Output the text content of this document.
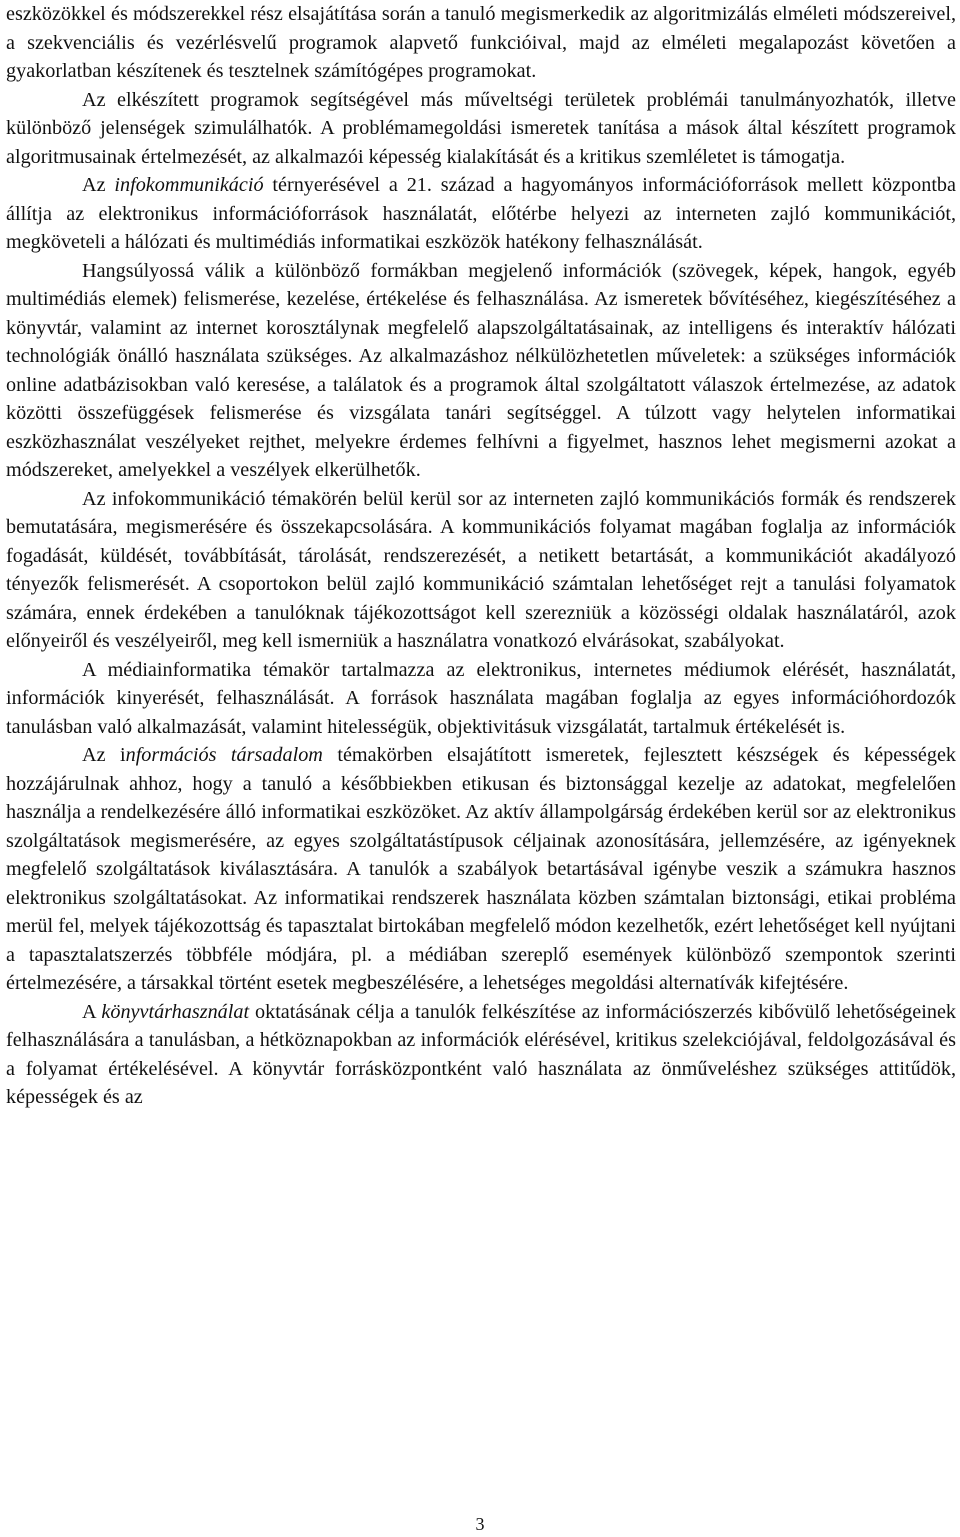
eszközökkel és módszerekkel rész elsajátítása során a tanuló megismerkedik az algoritmizálás elméleti módszereivel, a szekvenciális és vezérlésvelű programok alapvető funkcióival, majd az elméleti megalapozást követően a gyakorlatban készítenek és tesztelnek számítógépes programokat.

Az elkészített programok segítségével más műveltségi területek problémái tanulmányozhatók, illetve különböző jelenségek szimulálhatók. A problémamegoldási ismeretek tanítása a mások által készített programok algoritmusainak értelmezését, az alkalmazói képesség kialakítását és a kritikus szemléletet is támogatja.

Az infokommunikáció térnyerésével a 21. század a hagyományos információforrások mellett központba állítja az elektronikus információforrások használatát, előtérbe helyezi az interneten zajló kommunikációt, megköveteli a hálózati és multimédiás informatikai eszközök hatékony felhasználását.

Hangsúlyossá válik a különböző formákban megjelenő információk (szövegek, képek, hangok, egyéb multimédiás elemek) felismerése, kezelése, értékelése és felhasználása. Az ismeretek bővítéséhez, kiegészítéséhez a könyvtár, valamint az internet korosztálynak megfelelő alapszolgáltatásainak, az intelligens és interaktív hálózati technológiák önálló használata szükséges. Az alkalmazáshoz nélkülözhetetlen műveletek: a szükséges információk online adatbázisokban való keresése, a találatok és a programok által szolgáltatott válaszok értelmezése, az adatok közötti összefüggések felismerése és vizsgálata tanári segítséggel. A túlzott vagy helytelen informatikai eszközhasználat veszélyeket rejthet, melyekre érdemes felhívni a figyelmet, hasznos lehet megismerni azokat a módszereket, amelyekkel a veszélyek elkerülhetők.

Az infokommunikáció témakörén belül kerül sor az interneten zajló kommunikációs formák és rendszerek bemutatására, megismerésére és összekapcsolására. A kommunikációs folyamat magában foglalja az információk fogadását, küldését, továbbítását, tárolását, rendszerezését, a netikett betartását, a kommunikációt akadályozó tényezők felismerését. A csoportokon belül zajló kommunikáció számtalan lehetőséget rejt a tanulási folyamatok számára, ennek érdekében a tanulóknak tájékozottságot kell szerezniük a közösségi oldalak használatáról, azok előnyeiről és veszélyeiről, meg kell ismerniük a használatra vonatkozó elvárásokat, szabályokat.

A médiainformatika témakör tartalmazza az elektronikus, internetes médiumok elérését, használatát, információk kinyerését, felhasználását. A források használata magában foglalja az egyes információhordozók tanulásban való alkalmazását, valamint hitelességük, objektivitásuk vizsgálatát, tartalmuk értékelését is.

Az információs társadalom témakörben elsajátított ismeretek, fejlesztett készségek és képességek hozzájárulnak ahhoz, hogy a tanuló a későbbiekben etikusan és biztonsággal kezelje az adatokat, megfelelően használja a rendelkezésére álló informatikai eszközöket. Az aktív állampolgárság érdekében kerül sor az elektronikus szolgáltatások megismerésére, az egyes szolgáltatástípusok céljainak azonosítására, jellemzésére, az igényeknek megfelelő szolgáltatások kiválasztására. A tanulók a szabályok betartásával igénybe veszik a számukra hasznos elektronikus szolgáltatásokat. Az informatikai rendszerek használata közben számtalan biztonsági, etikai probléma merül fel, melyek tájékozottság és tapasztalat birtokában megfelelő módon kezelhetők, ezért lehetőséget kell nyújtani a tapasztalatszerzés többféle módjára, pl. a médiában szereplő események különböző szempontok szerinti értelmezésére, a társakkal történt esetek megbeszélésére, a lehetséges megoldási alternatívák kifejtésére.

A könyvtárhasználat oktatásának célja a tanulók felkészítése az információszerzés kibővülő lehetőségeinek felhasználására a tanulásban, a hétköznapokban az információk elérésével, kritikus szelekciójával, feldolgozásával és a folyamat értékelésével. A könyvtár forrásközpontként való használata az önműveléshez szükséges attitűdök, képességek és az

3
